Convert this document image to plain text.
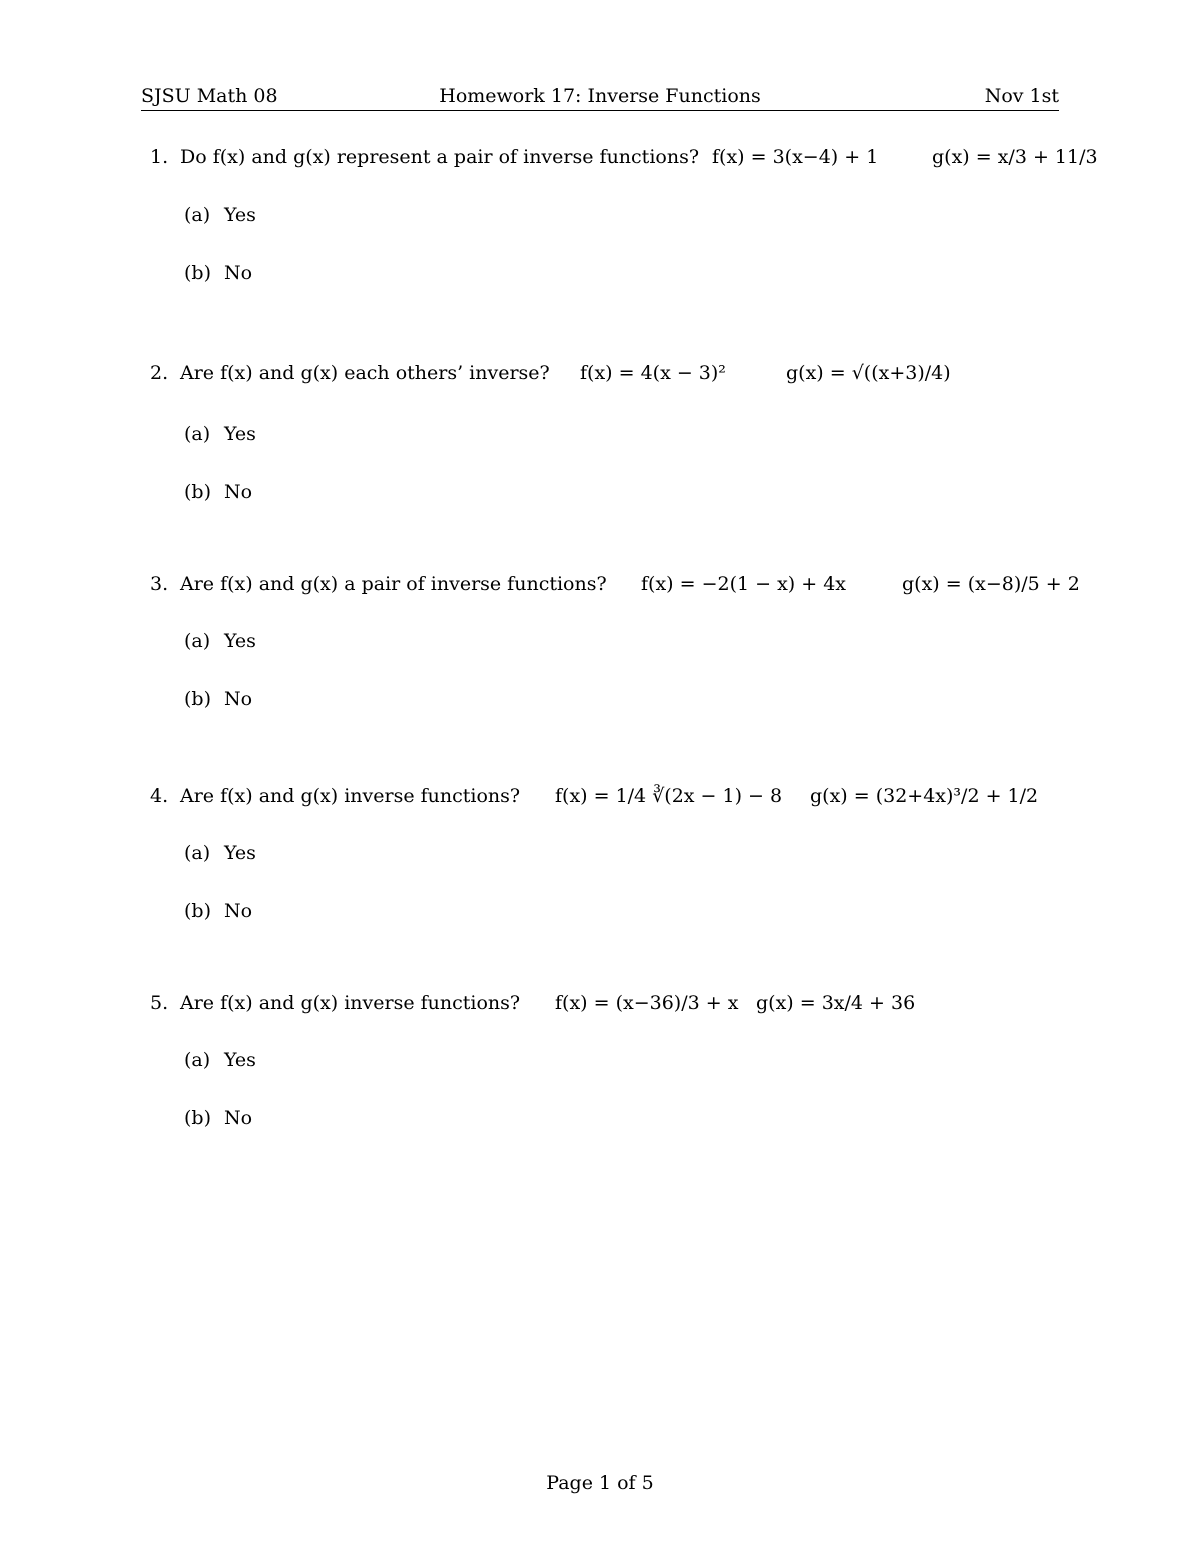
SJSU Math 08	Homework 17: Inverse Functions	Nov 1st
1. Do f(x) and g(x) represent a pair of inverse functions? f(x) = 3(x−4) + 1	g(x) = x/3 + 11/3
(a) Yes
(b) No
2. Are f(x) and g(x) each others’ inverse? f(x) = 4(x − 3)²	g(x) = √((x+3)/4)
(a) Yes
(b) No
3. Are f(x) and g(x) a pair of inverse functions? f(x) = −2(1 − x) + 4x	g(x) = (x−8)/5 + 2
(a) Yes
(b) No
4. Are f(x) and g(x) inverse functions? f(x) = 1/4 ∛(2x − 1) − 8 g(x) = (32+4x)³/2 + 1/2
(a) Yes
(b) No
5. Are f(x) and g(x) inverse functions? f(x) = (x−36)/3 + x g(x) = 3x/4 + 36
(a) Yes
(b) No
Page 1 of 5
